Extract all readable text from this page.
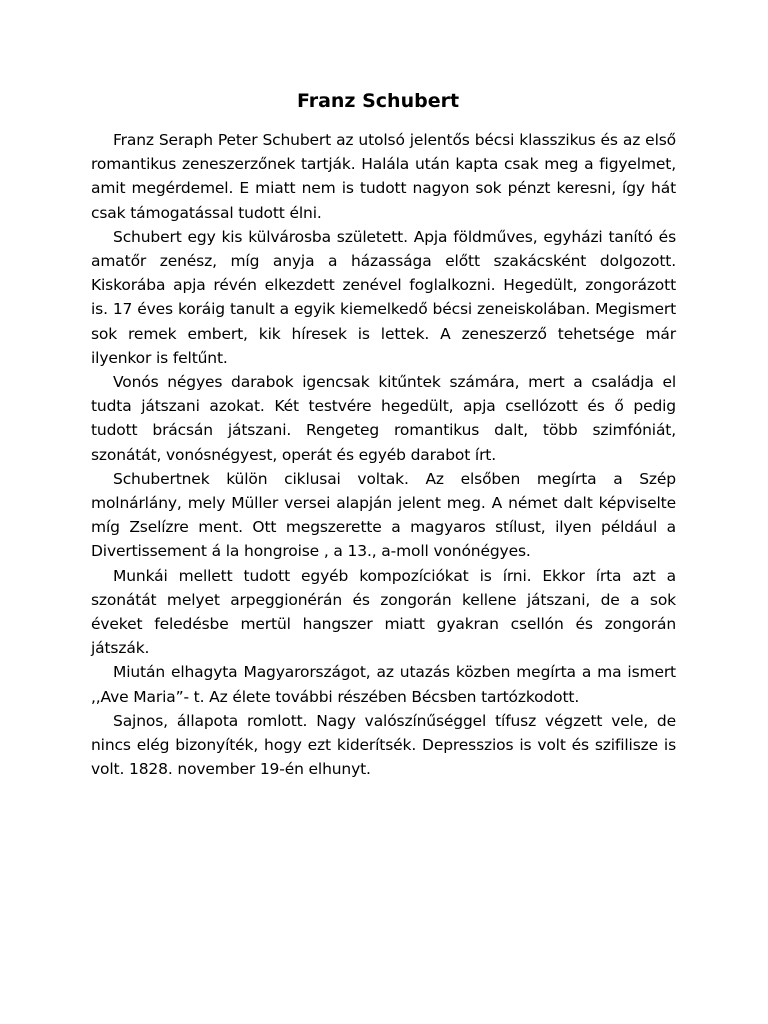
Franz Schubert

Franz Seraph Peter Schubert az utolsó jelentős bécsi klasszikus és az első romantikus zeneszerzőnek tartják. Halála után kapta csak meg a figyelmet, amit megérdemel. E miatt nem is tudott nagyon sok pénzt keresni, így hát csak támogatással tudott élni.

Schubert egy kis külvárosba született. Apja földműves, egyházi tanító és amatőr zenész, míg anyja a házassága előtt szakácsként dolgozott. Kiskorába apja révén elkezdett zenével foglalkozni. Hegedült, zongorázott is. 17 éves koráig tanult a egyik kiemelkedő bécsi zeneiskolában. Megismert sok remek embert, kik híresek is lettek. A zeneszerző tehetsége már ilyenkor is feltűnt.

Vonós négyes darabok igencsak kitűntek számára, mert a családja el tudta játszani azokat. Két testvére hegedült, apja csellózott és ő pedig tudott brácsán játszani. Rengeteg romantikus dalt, több szimfóniát, szonátát, vonósnégyest, operát és egyéb darabot írt.

Schubertnek külön ciklusai voltak. Az elsőben megírta a Szép molnárlány, mely Müller versei alapján jelent meg. A német dalt képviselte míg Zselízre ment. Ott megszerette a magyaros stílust, ilyen például a Divertissement á la hongroise , a 13., a-moll vonónégyes.

Munkái mellett tudott egyéb kompozíciókat is írni. Ekkor írta azt a szonátát melyet arpeggionérán és zongorán kellene játszani, de a sok éveket feledésbe mertül hangszer miatt gyakran csellón és zongorán játszák.

Miután elhagyta Magyarországot, az utazás közben megírta a ma ismert ,,Ave Maria”- t. Az élete további részében Bécsben tartózkodott.

Sajnos, állapota romlott. Nagy valószínűséggel tífusz végzett vele, de nincs elég bizonyíték, hogy ezt kiderítsék. Depresszios is volt és szifilisze is volt. 1828. november 19-én elhunyt.
